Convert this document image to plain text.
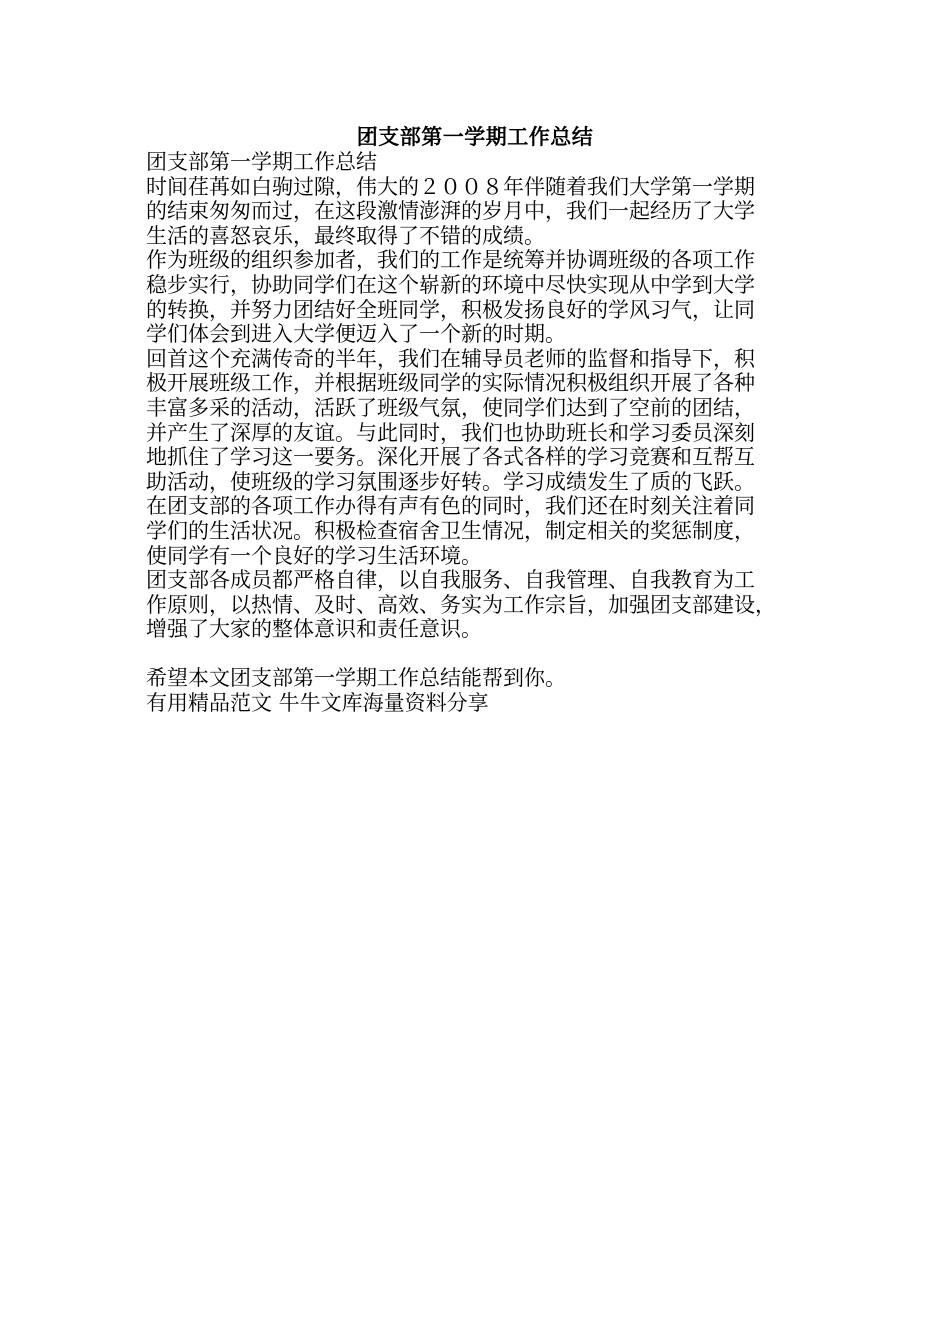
团支部第一学期工作总结
团支部第一学期工作总结
时间荏苒如白驹过隙，伟大的２００８年伴随着我们大学第一学期
的结束匆匆而过，在这段激情澎湃的岁月中，我们一起经历了大学
生活的喜怒哀乐，最终取得了不错的成绩。
作为班级的组织参加者，我们的工作是统筹并协调班级的各项工作
稳步实行，协助同学们在这个崭新的环境中尽快实现从中学到大学
的转换，并努力团结好全班同学，积极发扬良好的学风习气，让同
学们体会到进入大学便迈入了一个新的时期。
回首这个充满传奇的半年，我们在辅导员老师的监督和指导下，积
极开展班级工作，并根据班级同学的实际情况积极组织开展了各种
丰富多采的活动，活跃了班级气氛，使同学们达到了空前的团结，
并产生了深厚的友谊。与此同时，我们也协助班长和学习委员深刻
地抓住了学习这一要务。深化开展了各式各样的学习竞赛和互帮互
助活动，使班级的学习氛围逐步好转。学习成绩发生了质的飞跃。
在团支部的各项工作办得有声有色的同时，我们还在时刻关注着同
学们的生活状况。积极检查宿舍卫生情况，制定相关的奖惩制度，
使同学有一个良好的学习生活环境。
团支部各成员都严格自律，以自我服务、自我管理、自我教育为工
作原则，以热情、及时、高效、务实为工作宗旨，加强团支部建设，
增强了大家的整体意识和责任意识。
希望本文团支部第一学期工作总结能帮到你。
有用精品范文 牛牛文库海量资料分享
